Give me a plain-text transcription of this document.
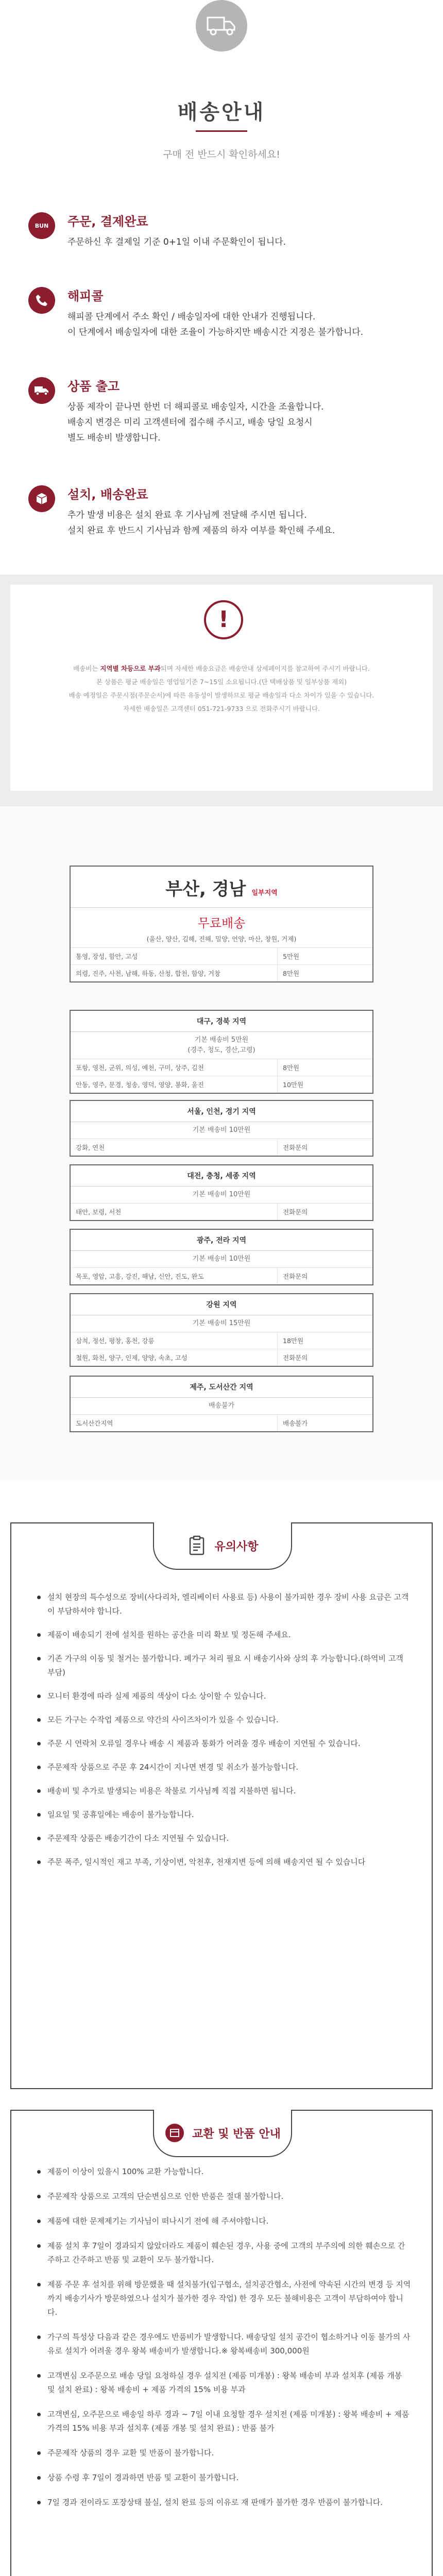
배송안내
구매 전 반드시 확인하세요!
BUN 주문, 결제완료
주문하신 후 결제일 기준 0+1일 이내 주문확인이 됩니다.
해피콜
해피콜 단계에서 주소 확인 / 배송일자에 대한 안내가 진행됩니다.
이 단계에서 배송일자에 대한 조율이 가능하지만 배송시간 지정은 불가합니다.
상품 출고
상품 제작이 끝나면 한번 더 해피콜로 배송일자, 시간을 조율합니다.
배송지 변경은 미리 고객센터에 접수해 주시고, 배송 당일 요청시
별도 배송비 발생합니다.
설치, 배송완료
추가 발생 비용은 설치 완료 후 기사님께 전달해 주시면 됩니다.
설치 완료 후 반드시 기사님과 함께 제품의 하자 여부를 확인해 주세요.
!
배송비는 지역별 차등으로 부과되며 자세한 배송요금은 배송안내 상세페이지를 참고하여 주시기 바랍니다.
본 상품은 평균 배송일은 영업일기준 7~15일 소요됩니다.(단 택배상품 및 일부상품 제외)
배송 예정일은 주문시점(주문순서)에 따른 유동성이 발생하므로 평균 배송일과 다소 차이가 있을 수 있습니다.
자세한 배송일은 고객센터 051-721-9733 으로 전화주시기 바랍니다.
부산, 경남 일부지역
무료배송
(울산, 양산, 김해, 진해, 밀양, 언양, 마산, 창원, 거제)
통영, 장성, 함안, 고성	5만원
의령, 진주, 사천, 남해, 하동, 산청, 합천, 함양, 거창	8만원
대구, 경북 지역
기본 배송비 5만원
(경주, 청도, 경산,고령)
포항, 영천, 군위, 의성, 예천, 구미, 상주, 김천	8만원
안동, 영주, 문경, 청송, 영덕, 영양, 봉화, 울진	10만원
서울, 인천, 경기 지역
기본 배송비 10만원
강화, 연천	전화문의
대전, 충청, 세종 지역
기본 배송비 10만원
태안, 보령, 서천	전화문의
광주, 전라 지역
기본 배송비 10만원
목포, 영암, 고흥, 강진, 해남, 신안, 진도, 완도	전화문의
강원 지역
기본 배송비 15만원
삼척, 정선, 평창, 홍천, 강릉	18만원
철원, 화천, 양구, 인제, 양양, 속초, 고성	전화문의
제주, 도서산간 지역
배송불가
도서산간지역	배송불가
유의사항
설치 현장의 특수성으로 장비(사다리차, 엘리베이터 사용료 등) 사용이 불가피한 경우 장비 사용 요금은 고객이 부담하셔야 합니다.
제품이 배송되기 전에 설치를 원하는 공간을 미리 확보 및 정돈해 주세요.
기존 가구의 이동 및 철거는 불가합니다. 폐가구 처리 필요 시 배송기사와 상의 후 가능합니다.(하역비 고객 부담)
모니터 환경에 따라 실제 제품의 색상이 다소 상이할 수 있습니다.
모든 가구는 수작업 제품으로 약간의 사이즈차이가 있을 수 있습니다.
주문 시 연락처 오류일 경우나 배송 시 제품과 통화가 어려울 경우 배송이 지연될 수 있습니다.
주문제작 상품으로 주문 후 24시간이 지나면 변경 및 취소가 불가능합니다.
배송비 및 추가로 발생되는 비용은 착불로 기사님께 직접 지불하면 됩니다.
일요일 및 공휴일에는 배송이 불가능합니다.
주문제작 상품은 배송기간이 다소 지연될 수 있습니다.
주문 폭주, 일시적인 재고 부족, 기상이변, 악천후, 천재지변 등에 의해 배송지연 될 수 있습니다
교환 및 반품 안내
제품이 이상이 있을시 100% 교환 가능합니다.
주문제작 상품으로 고객의 단순변심으로 인한 반품은 절대 불가합니다.
제품에 대한 문제제기는 기사님이 떠나시기 전에 해 주셔야합니다.
제품 설치 후 7일이 경과되지 않았더라도 제품이 훼손된 경우, 사용 중에 고객의 부주의에 의한 훼손으로 간주하고 간주하고 반품 및 교환이 모두 불가합니다.
제품 주문 후 설치를 위해 방문했을 때 설치불가(입구협소, 설치공간협소, 사전에 약속된 시간의 변경 등 지역까지 배송기사가 방문하였으나 설치가 불가한 경우 작업) 한 경우 모든 불해비용은 고객이 부담하여야 합니다.
가구의 특성상 다음과 같은 경우에도 반품비가 발생합니다. 배송당일 설치 공간이 협소하거나 이동 불가의 사유로 설치가 어려울 경우 왕복 배송비가 발생합니다.※ 왕복배송비 300,000원
고객변심 오주문으로 배송 당일 요청하실 경우 설치전 (제품 미개봉) : 왕복 배송비 부과 설치후 (제품 개봉 및 설치 완료) : 왕복 배송비 + 제품 가격의 15% 비용 부과
고객변심, 오주문으로 배송일 하루 경과 ~ 7일 이내 요청할 경우 설치전 (제품 미개봉) : 왕복 배송비 + 제품 가격의 15% 비용 부과 설치후 (제품 개봉 및 설치 완료) : 반품 불가
주문제작 상품의 경우 교환 및 반품이 불가합니다.
상품 수령 후 7일이 경과하면 반품 및 교환이 불가합니다.
7일 경과 전이라도 포장상태 불실, 설치 완료 등의 이유로 재 판매가 불가한 경우 반품이 불가합니다.
